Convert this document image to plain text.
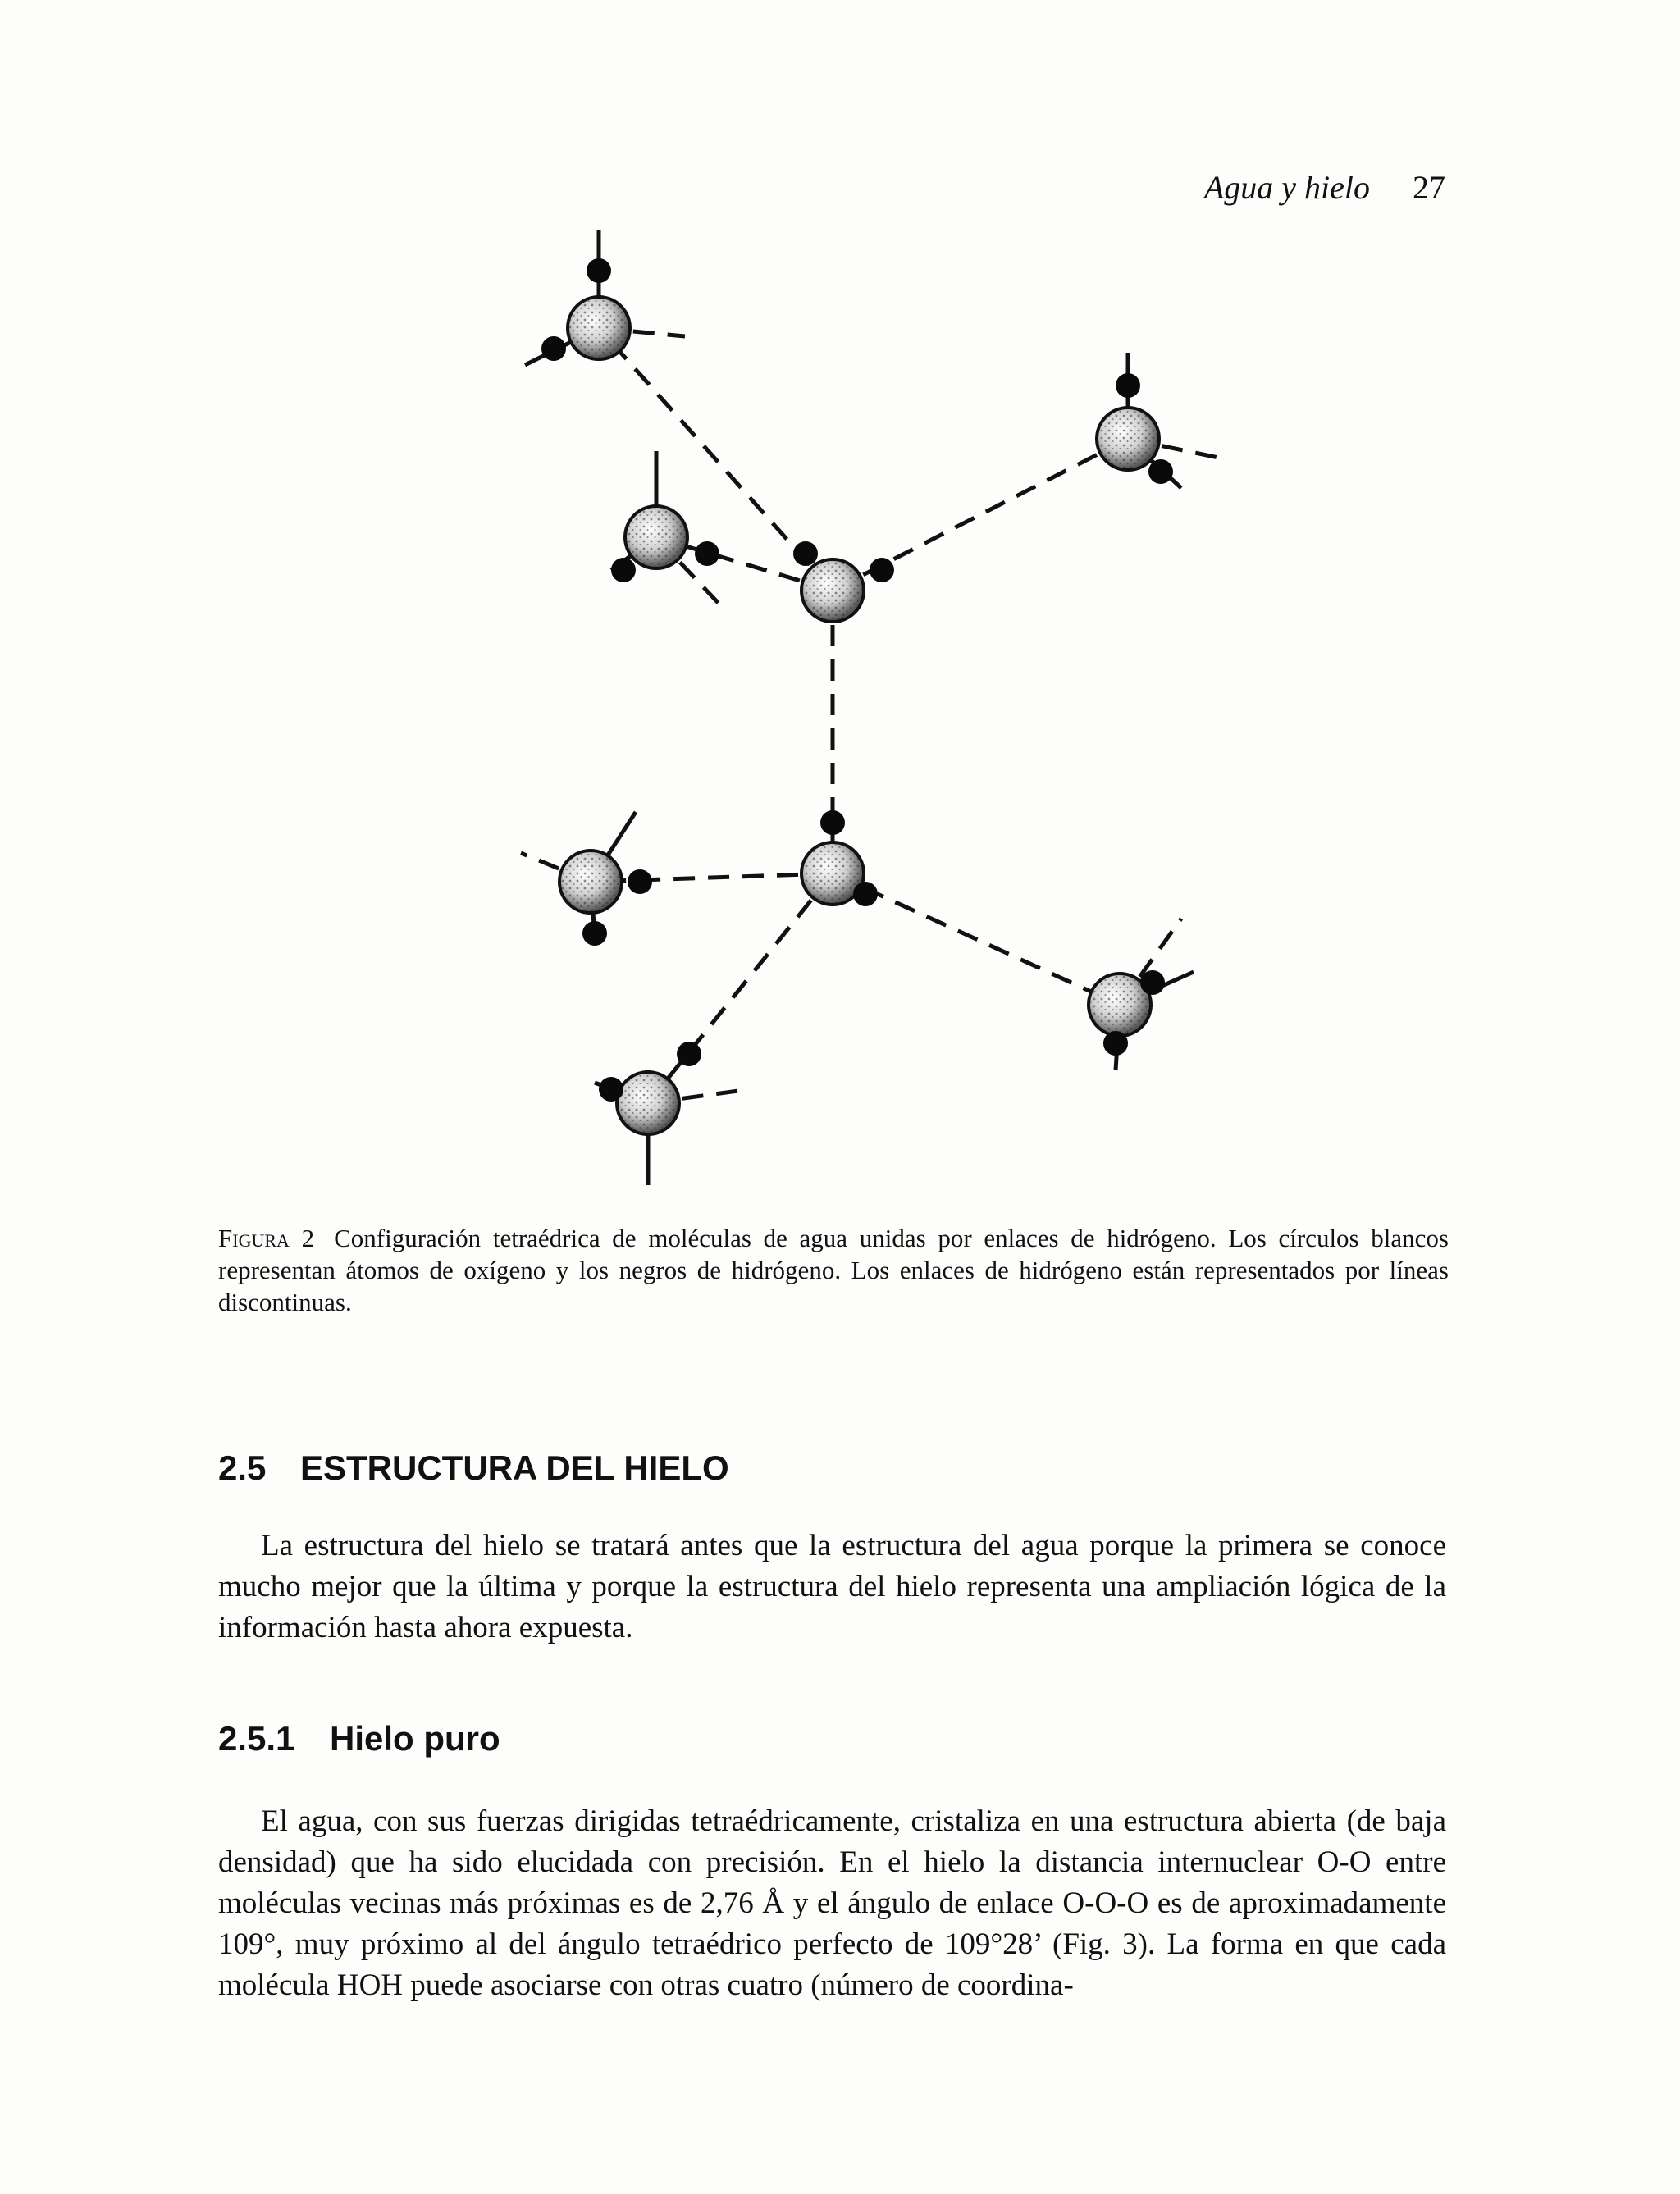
Agua y hielo 27
Figura 2 Configuración tetraédrica de moléculas de agua unidas por enlaces de hidrógeno. Los círculos blancos representan átomos de oxígeno y los negros de hidrógeno. Los enlaces de hidrógeno están representados por líneas discontinuas.
2.5 ESTRUCTURA DEL HIELO

La estructura del hielo se tratará antes que la estructura del agua porque la primera se conoce mucho mejor que la última y porque la estructura del hielo representa una ampliación lógica de la información hasta ahora expuesta.

2.5.1 Hielo puro

El agua, con sus fuerzas dirigidas tetraédricamente, cristaliza en una estructura abierta (de baja densidad) que ha sido elucidada con precisión. En el hielo la distancia internuclear O-O entre moléculas vecinas más próximas es de 2,76 Å y el ángulo de enlace O-O-O es de aproximadamente 109°, muy próximo al del ángulo tetraédrico perfecto de 109°28’ (Fig. 3). La forma en que cada molécula HOH puede asociarse con otras cuatro (número de coordina-
